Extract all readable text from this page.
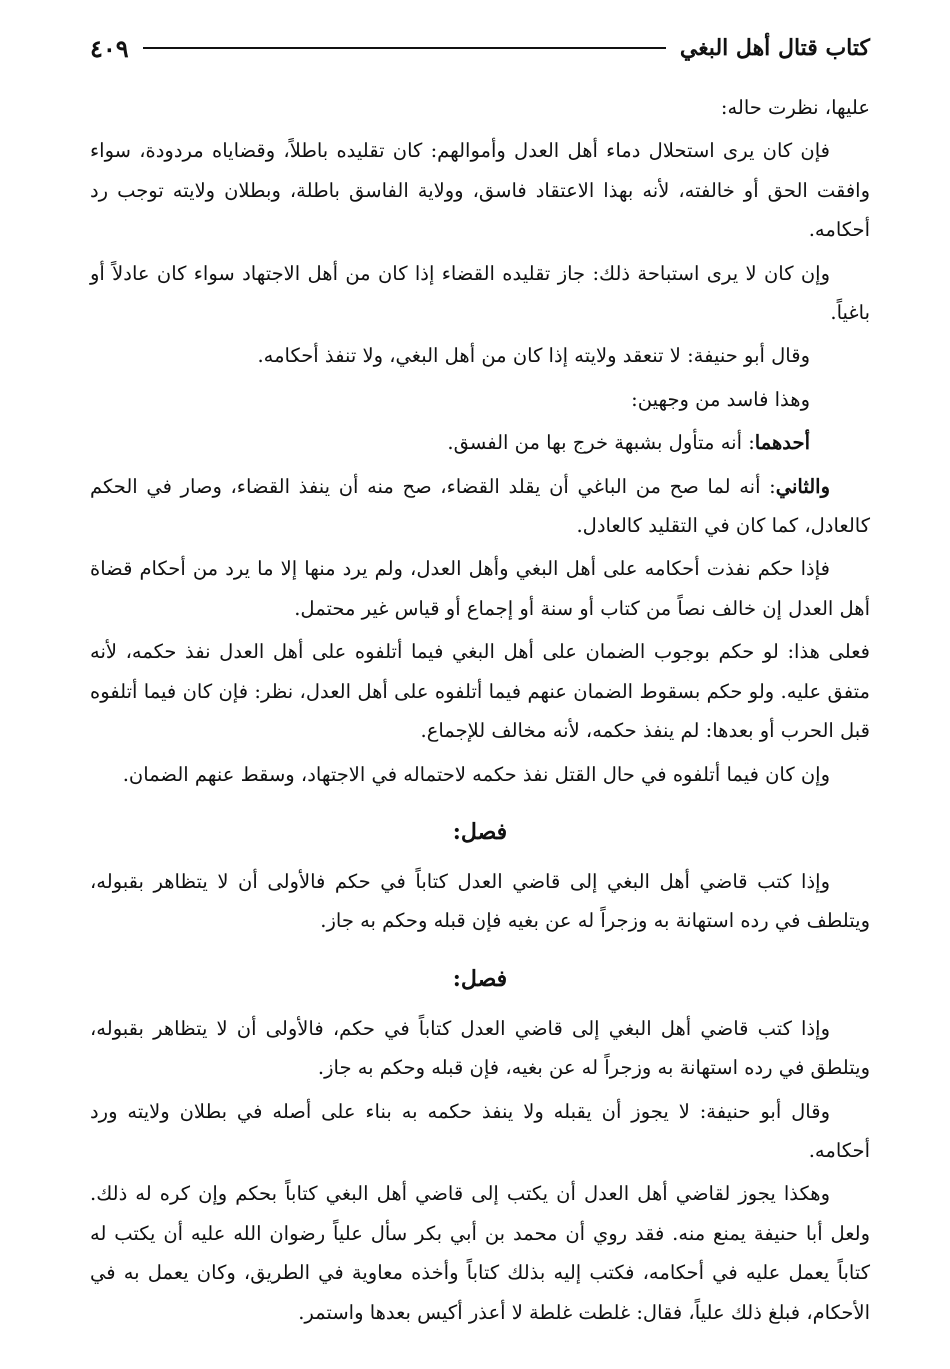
كتاب قتال أهل البغي
٤٠٩

عليها، نظرت حاله:

فإن كان يرى استحلال دماء أهل العدل وأموالهم: كان تقليده باطلاً، وقضاياه مردودة، سواء وافقت الحق أو خالفته، لأنه بهذا الاعتقاد فاسق، وولاية الفاسق باطلة، وبطلان ولايته توجب رد أحكامه.

وإن كان لا يرى استباحة ذلك: جاز تقليده القضاء إذا كان من أهل الاجتهاد سواء كان عادلاً أو باغياً.

وقال أبو حنيفة: لا تنعقد ولايته إذا كان من أهل البغي، ولا تنفذ أحكامه.

وهذا فاسد من وجهين:

أحدهما: أنه متأول بشبهة خرج بها من الفسق.

والثاني: أنه لما صح من الباغي أن يقلد القضاء، صح منه أن ينفذ القضاء، وصار في الحكم كالعادل، كما كان في التقليد كالعادل.

فإذا حكم نفذت أحكامه على أهل البغي وأهل العدل، ولم يرد منها إلا ما يرد من أحكام قضاة أهل العدل إن خالف نصاً من كتاب أو سنة أو إجماع أو قياس غير محتمل.

فعلى هذا: لو حكم بوجوب الضمان على أهل البغي فيما أتلفوه على أهل العدل نفذ حكمه، لأنه متفق عليه. ولو حكم بسقوط الضمان عنهم فيما أتلفوه على أهل العدل، نظر: فإن كان فيما أتلفوه قبل الحرب أو بعدها: لم ينفذ حكمه، لأنه مخالف للإجماع.

وإن كان فيما أتلفوه في حال القتل نفذ حكمه لاحتماله في الاجتهاد، وسقط عنهم الضمان.

فصل:

وإذا كتب قاضي أهل البغي إلى قاضي العدل كتاباً في حكم فالأولى أن لا يتظاهر بقبوله، ويتلطف في رده استهانة به وزجراً له عن بغيه فإن قبله وحكم به جاز.

فصل:

وإذا كتب قاضي أهل البغي إلى قاضي العدل كتاباً في حكم، فالأولى أن لا يتظاهر بقبوله، ويتلطق في رده استهانة به وزجراً له عن بغيه، فإن قبله وحكم به جاز.

وقال أبو حنيفة: لا يجوز أن يقبله ولا ينفذ حكمه به بناء على أصله في بطلان ولايته ورد أحكامه.

وهكذا يجوز لقاضي أهل العدل أن يكتب إلى قاضي أهل البغي كتاباً بحكم وإن كره له ذلك. ولعل أبا حنيفة يمنع منه. فقد روي أن محمد بن أبي بكر سأل علياً رضوان الله عليه أن يكتب له كتاباً يعمل عليه في أحكامه، فكتب إليه بذلك كتاباً وأخذه معاوية في الطريق، وكان يعمل به في الأحكام، فبلغ ذلك علياً، فقال: غلطت غلطة لا أعذر أكيس بعدها واستمر.
